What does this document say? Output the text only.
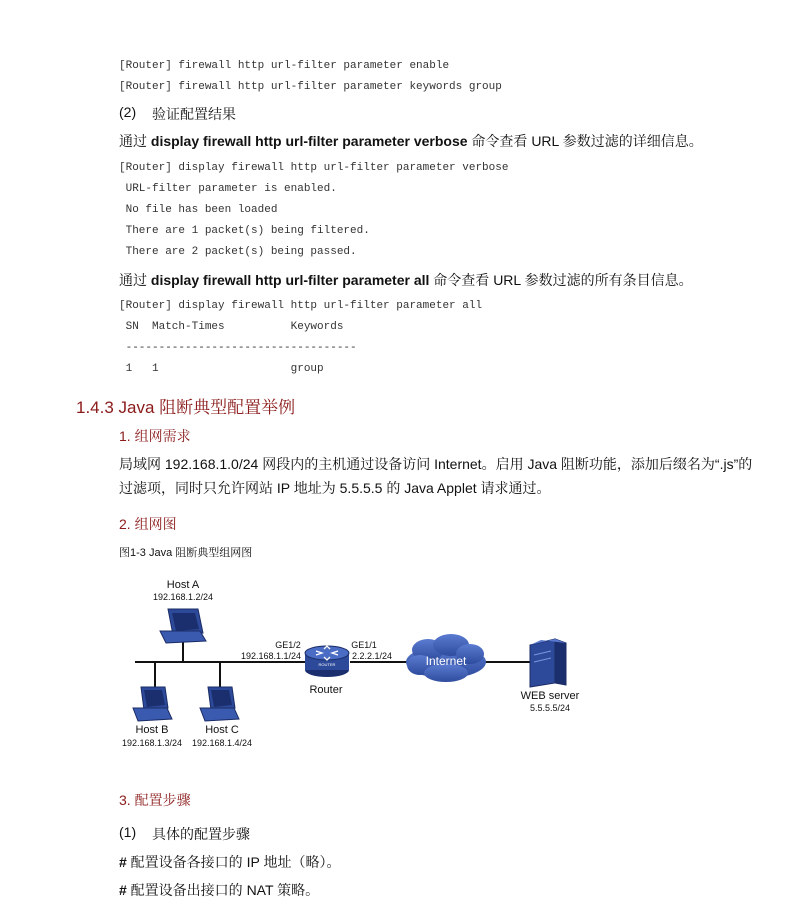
[Router] firewall http url-filter parameter enable
[Router] firewall http url-filter parameter keywords group
(2) 验证配置结果
通过 display firewall http url-filter parameter verbose 命令查看 URL 参数过滤的详细信息。
[Router] display firewall http url-filter parameter verbose
URL-filter parameter is enabled.
No file has been loaded
There are 1 packet(s) being filtered.
There are 2 packet(s) being passed.
通过 display firewall http url-filter parameter all 命令查看 URL 参数过滤的所有条目信息。
[Router] display firewall http url-filter parameter all
SN  Match-Times          Keywords
-----------------------------------
1   1                    group
1.4.3 Java 阻断典型配置举例
1. 组网需求
局域网 192.168.1.0/24 网段内的主机通过设备访问 Internet。启用 Java 阻断功能，添加后缀名为“.js”的过滤项，同时只允许网站 IP 地址为 5.5.5.5 的 Java Applet 请求通过。
2. 组网图
图1-3 Java 阻断典型组网图
Host A
192.168.1.2/24
Host B
192.168.1.3/24
Host C
192.168.1.4/24
ROUTER
Router
GE1/2
192.168.1.1/24
GE1/1
2.2.2.1/24	Internet
WEB server
5.5.5.5/24
3. 配置步骤
(1) 具体的配置步骤
# 配置设备各接口的 IP 地址（略）。
# 配置设备出接口的 NAT 策略。
